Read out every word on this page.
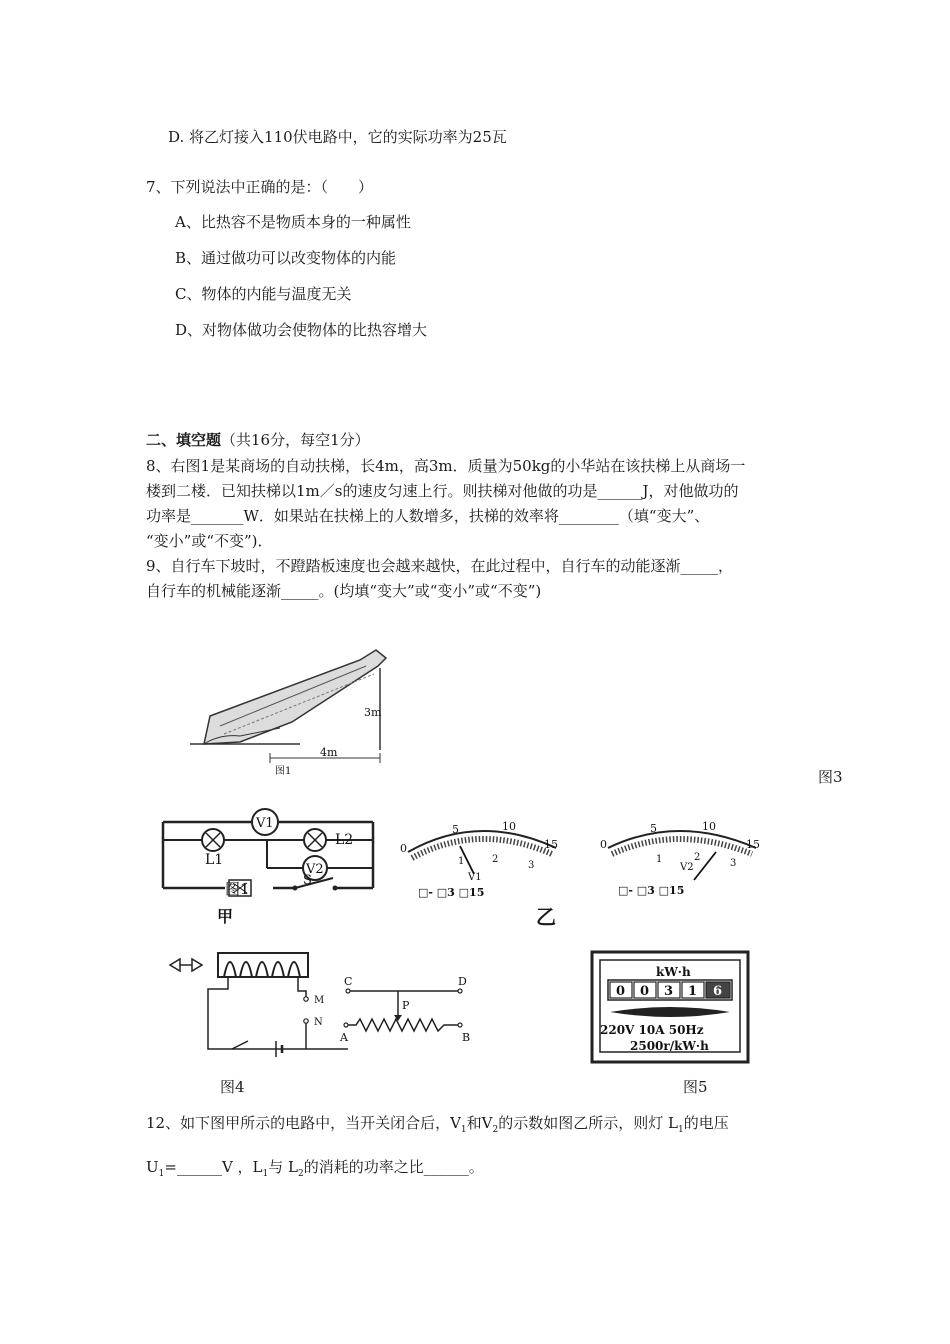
D. 将乙灯接入110伏电路中，它的实际功率为25瓦
7、下列说法中正确的是：（　　）
A、比热容不是物质本身的一种属性
B、通过做功可以改变物体的内能
C、物体的内能与温度无关
D、对物体做功会使物体的比热容增大
二、填空题（共16分，每空1分）
8、右图1是某商场的自动扶梯，长4m，高3m．质量为50kg的小华站在该扶梯上从商场一
楼到二楼．已知扶梯以1m／s的速皮匀速上行。则扶梯对他做的功是______J，对他做功的
功率是_______W．如果站在扶梯上的人数增多，扶梯的效率将________（填“变大”、
“变小”或“不变”)．
9、自行车下坡时，不蹬踏板速度也会越来越快，在此过程中，自行车的动能逐渐_____，
自行车的机械能逐渐_____。(均填“变大”或“变小”或“不变”)
3m
4m
图1	图3
V1
L1
L2
V2
S
图1
甲
0
5	10
15
1	2
3
V1
□- □3 □15
乙
0
5	10
15
1	2
3
V2
□- □3 □15
M
N
C	D
P
A	B
kW·h
0 0 3 1 6
220V 10A 50Hz
2500r/kW·h
图4	图5
12、如下图甲所示的电路中，当开关闭合后，$V_1$和$V_2$的示数如图乙所示，则灯 $L_1$的电压
$U_1=\_\_\_\_\_\_V$ ，$L_1$与 $L_2$的消耗的功率之比______。
